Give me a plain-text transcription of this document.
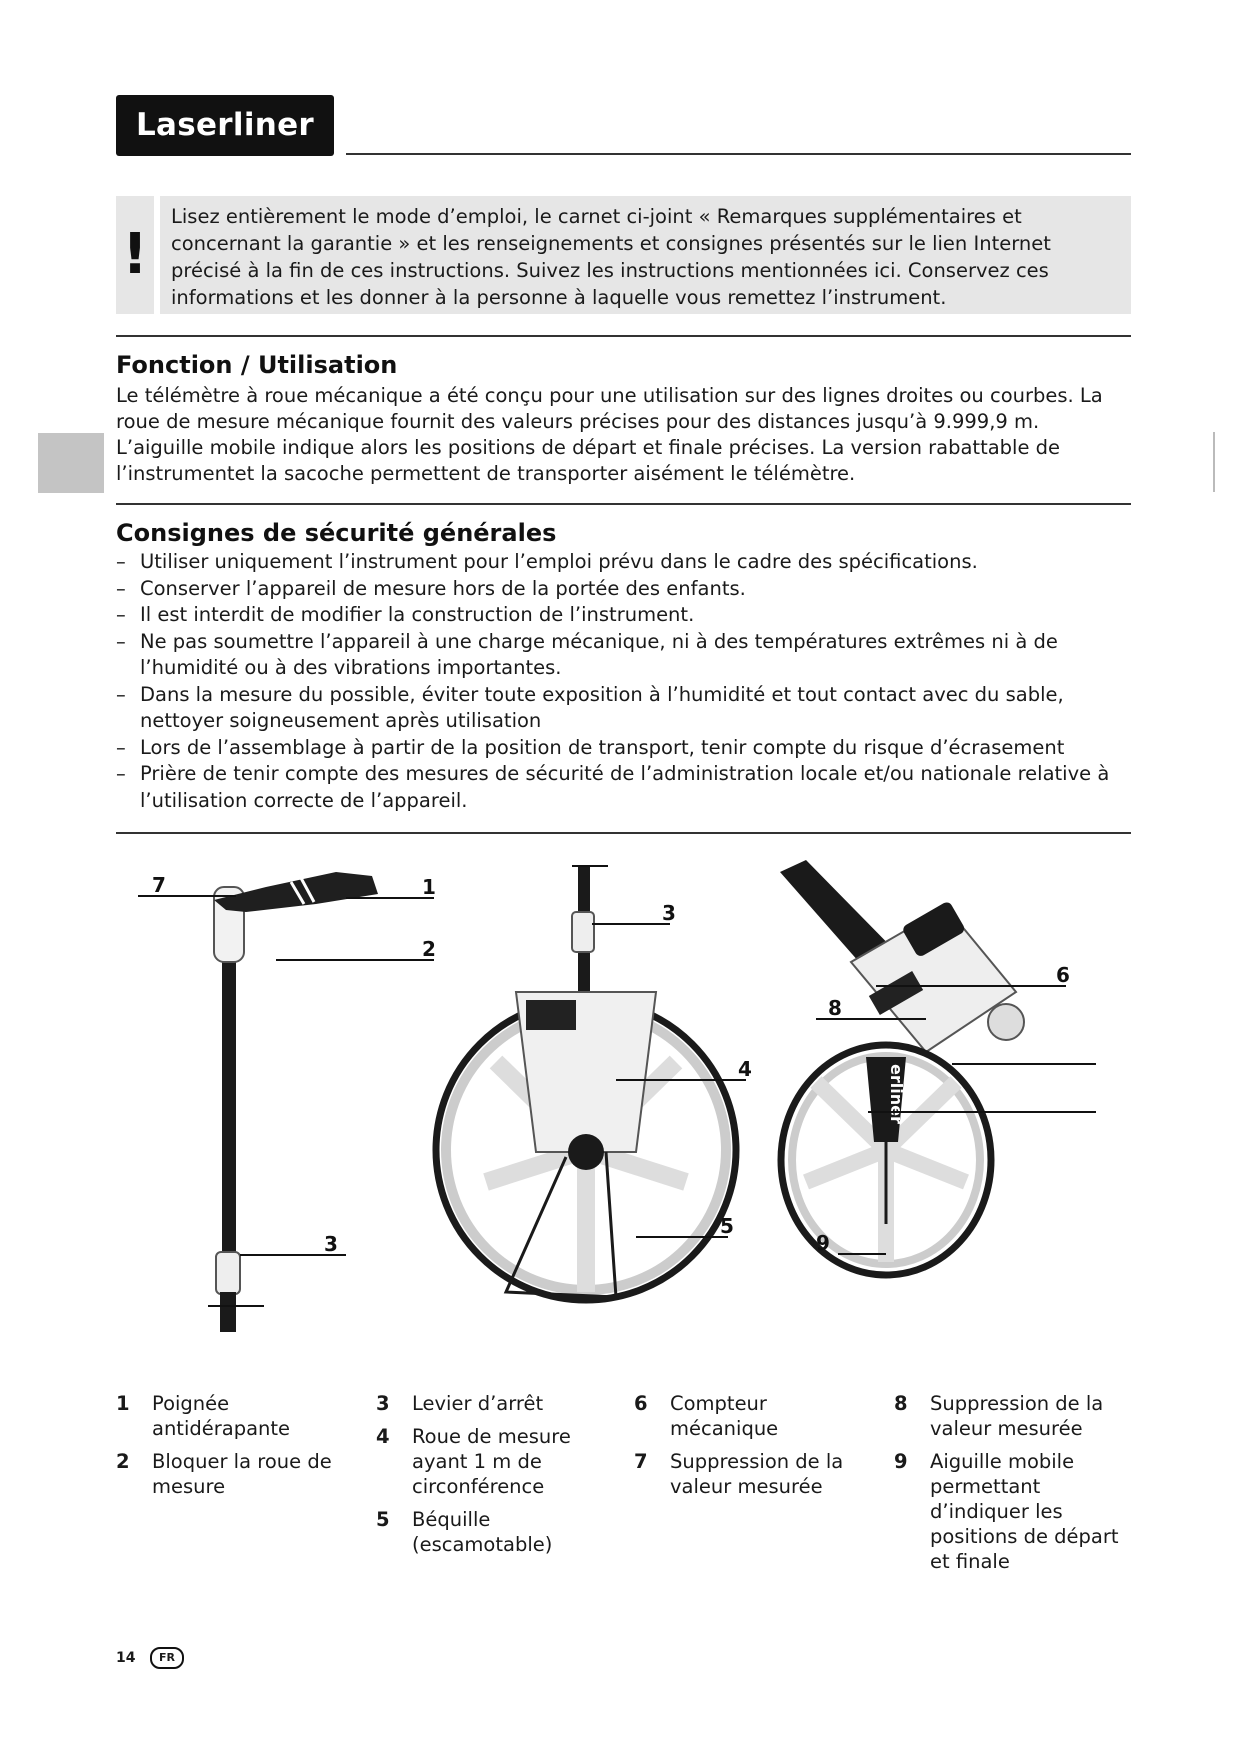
Laserliner
!

Lisez entièrement le mode d’emploi, le carnet ci-joint « Remarques supplémentaires et concernant la garantie » et les renseignements et consignes présentés sur le lien Internet précisé à la fin de ces instructions. Suivez les instructions mentionnées ici. Conservez ces informations et les donner à la personne à laquelle vous remettez l’instrument.

Fonction / Utilisation

Le télémètre à roue mécanique a été conçu pour une utilisation sur des lignes droites ou courbes. La roue de mesure mécanique fournit des valeurs précises pour des distances jusqu’à 9.999,9 m. L’aiguille mobile indique alors les positions de départ et finale précises. La version rabattable de l’instrumentet la sacoche permettent de transporter aisément le télémètre.

Consignes de sécurité générales
– Utiliser uniquement l’instrument pour l’emploi prévu dans le cadre des spécifications.
– Conserver l’appareil de mesure hors de la portée des enfants.
– Il est interdit de modifier la construction de l’instrument.
– Ne pas soumettre l’appareil à une charge mécanique, ni à des températures extrêmes ni à de l’humidité ou à des vibrations importantes.
– Dans la mesure du possible, éviter toute exposition à l’humidité et tout contact avec du sable, nettoyer soigneusement après utilisation
– Lors de l’assemblage à partir de la position de transport, tenir compte du risque d’écrasement
– Prière de tenir compte des mesures de sécurité de l’administration locale et/ou nationale relative à l’utilisation correcte de l’appareil.
erliner
7	1
2
3
3
4
5
6
8
9
1	Poignée antidérapante
2	Bloquer la roue de mesure
3	Levier d’arrêt
4	Roue de mesure ayant 1 m de circonférence
5	Béquille (escamotable)
6	Compteur mécanique
7	Suppression de la valeur mesurée
8	Suppression de la valeur mesurée
9	Aiguille mobile permettant d’indiquer les positions de départ et finale
14	FR
